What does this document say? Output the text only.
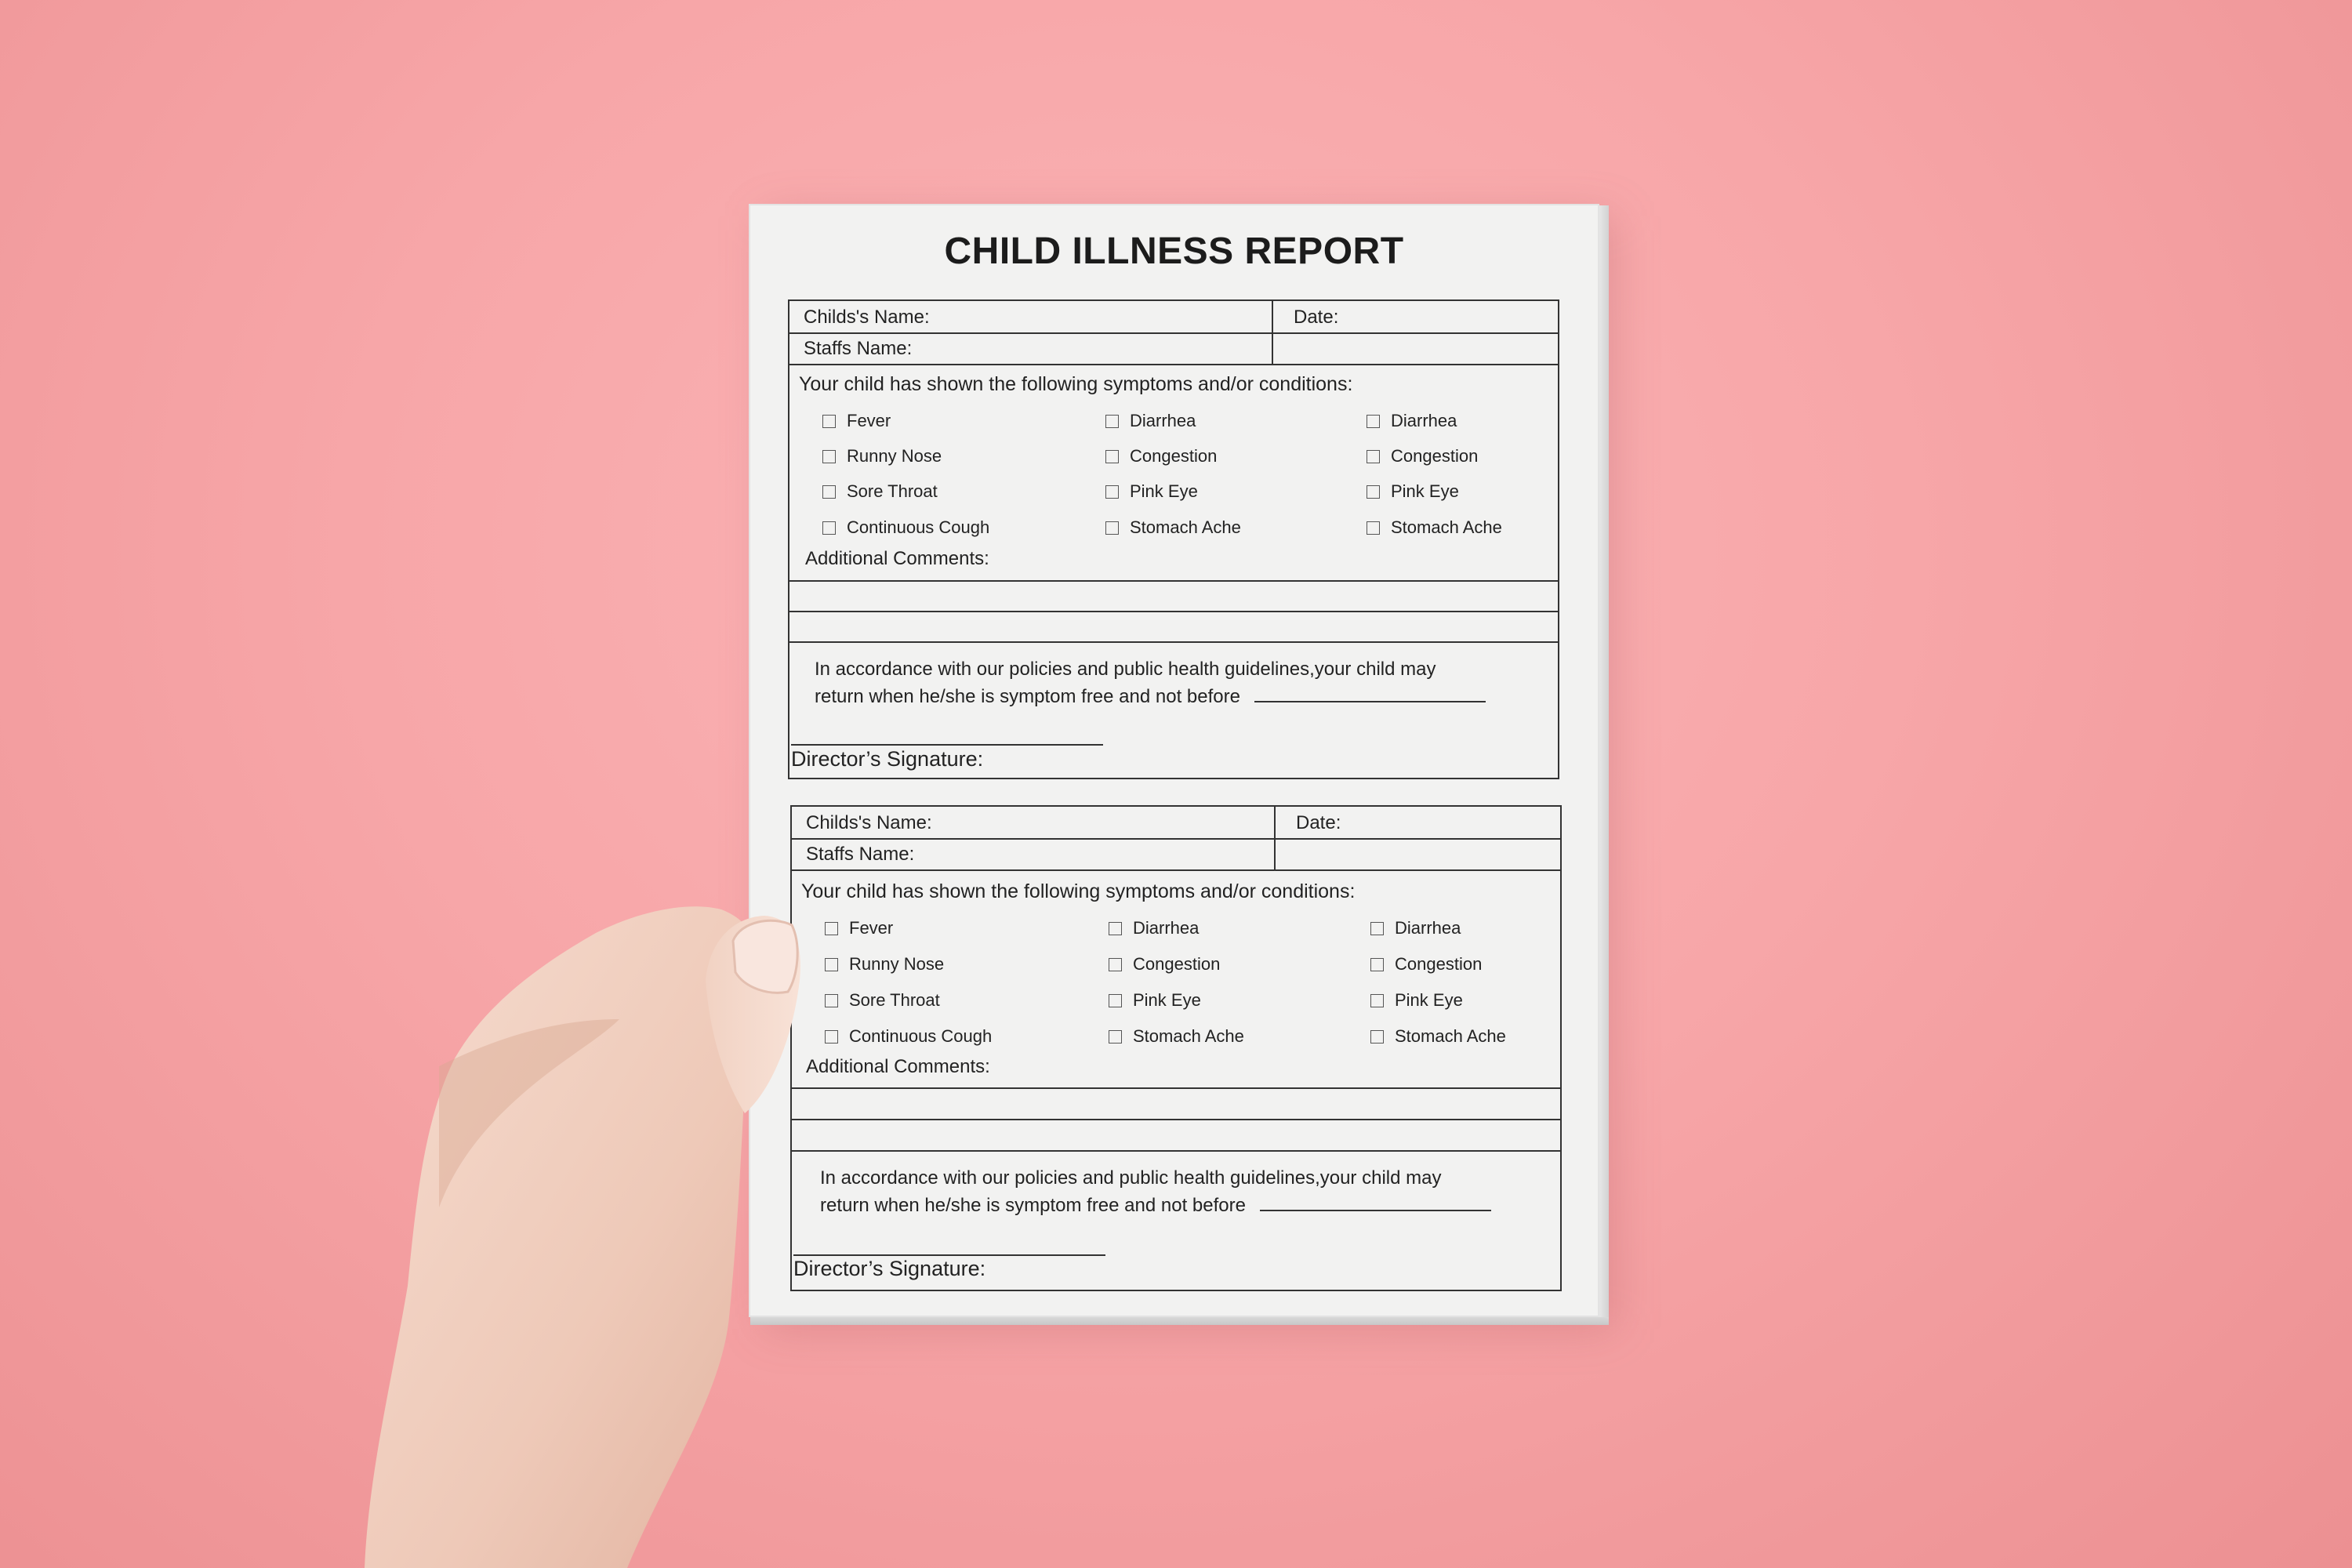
CHILD ILLNESS REPORT
Childs's Name:	Date:
Staffs Name:
Your child has shown the following symptoms and/or conditions:
Fever
Runny Nose
Sore Throat
Continuous Cough
Diarrhea
Congestion
Pink Eye
Stomach Ache
Diarrhea
Congestion
Pink Eye
Stomach Ache
Additional Comments:
In accordance with our policies and public health guidelines,your child may
return when he/she is symptom free and not before
Director’s Signature:
Childs's Name:	Date:
Staffs Name:
Your child has shown the following symptoms and/or conditions:
Fever
Runny Nose
Sore Throat
Continuous Cough
Diarrhea
Congestion
Pink Eye
Stomach Ache
Diarrhea
Congestion
Pink Eye
Stomach Ache
Additional Comments:
In accordance with our policies and public health guidelines,your child may
return when he/she is symptom free and not before
Director’s Signature:
